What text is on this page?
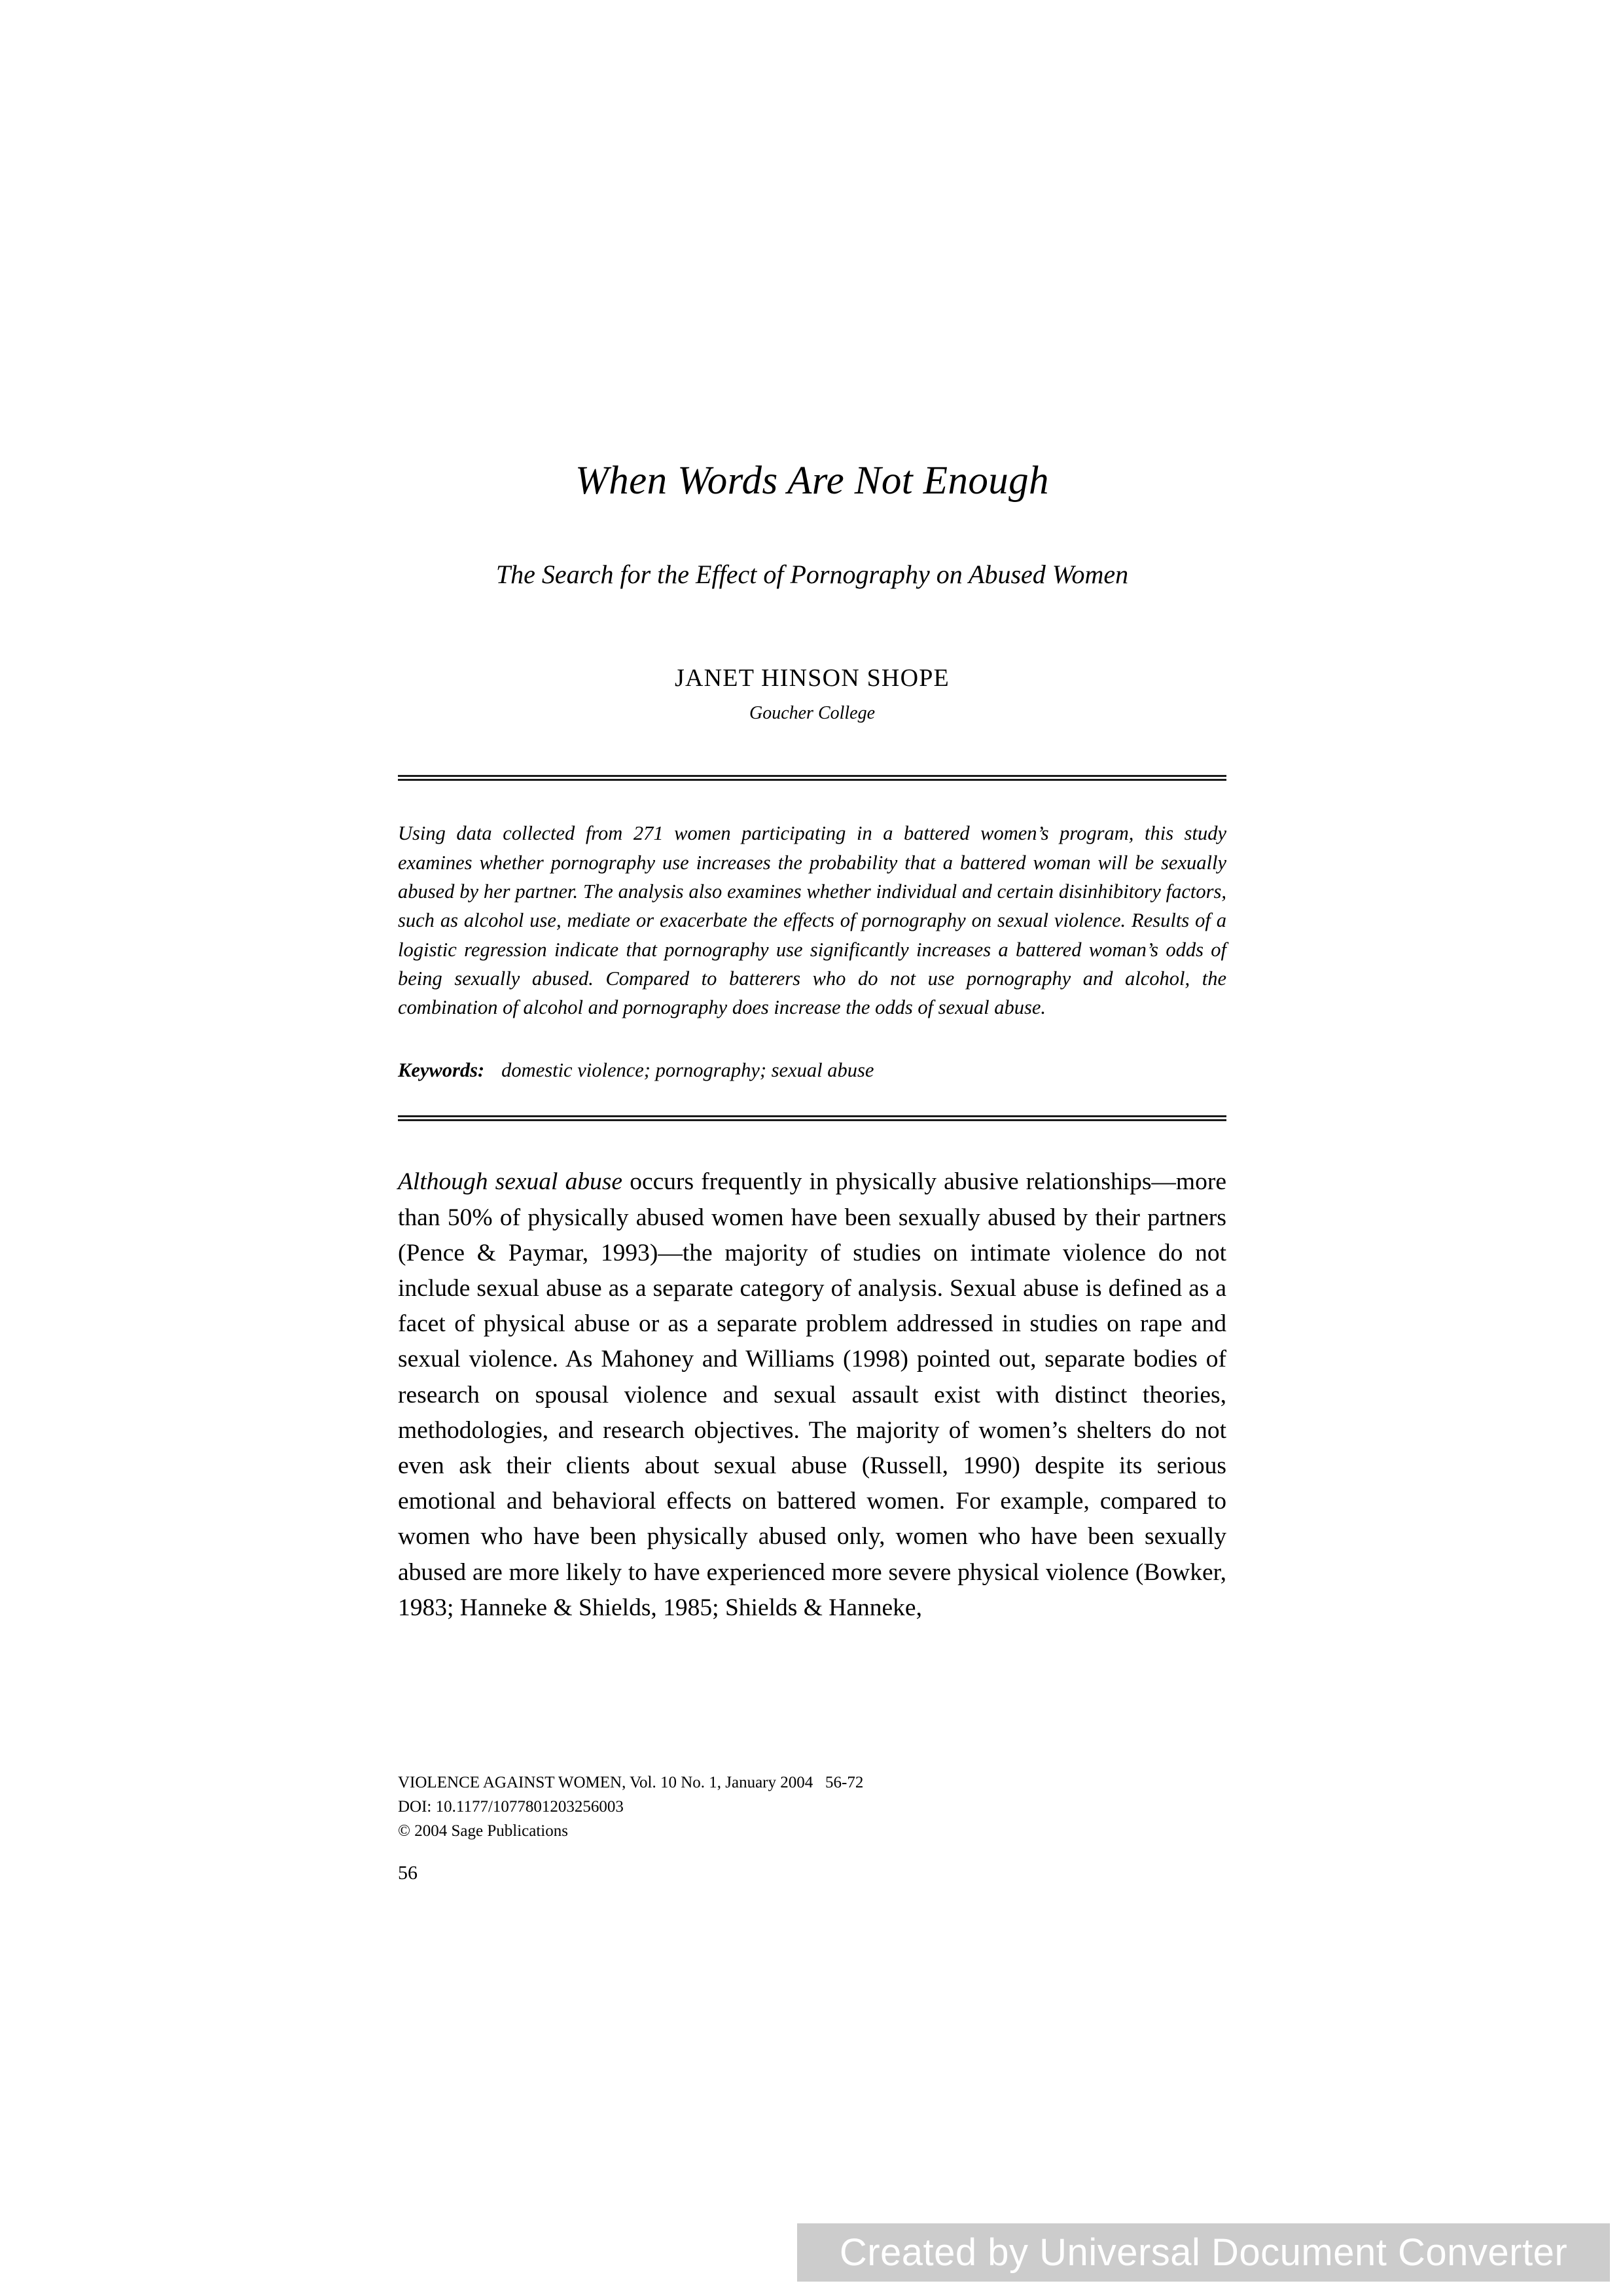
When Words Are Not Enough
The Search for the Effect of Pornography on Abused Women

JANET HINSON SHOPE

Goucher College

Using data collected from 271 women participating in a battered women’s program, this study examines whether pornography use increases the probability that a battered woman will be sexually abused by her partner. The analysis also examines whether individual and certain disinhibitory factors, such as alcohol use, mediate or exacerbate the effects of pornography on sexual violence. Results of a logistic regression indicate that pornography use significantly increases a battered woman’s odds of being sexually abused. Compared to batterers who do not use pornography and alcohol, the combination of alcohol and pornography does increase the odds of sexual abuse.

Keywords: domestic violence; pornography; sexual abuse

Although sexual abuse occurs frequently in physically abusive relationships—more than 50% of physically abused women have been sexually abused by their partners (Pence & Paymar, 1993)—the majority of studies on intimate violence do not include sexual abuse as a separate category of analysis. Sexual abuse is defined as a facet of physical abuse or as a separate problem addressed in studies on rape and sexual violence. As Mahoney and Williams (1998) pointed out, separate bodies of research on spousal violence and sexual assault exist with distinct theories, methodologies, and research objectives. The majority of women’s shelters do not even ask their clients about sexual abuse (Russell, 1990) despite its serious emotional and behavioral effects on battered women. For example, compared to women who have been physically abused only, women who have been sexually abused are more likely to have experienced more severe physical violence (Bowker, 1983; Hanneke & Shields, 1985; Shields & Hanneke,

VIOLENCE AGAINST WOMEN, Vol. 10 No. 1, January 2004   56-72

DOI: 10.1177/1077801203256003

© 2004 Sage Publications

56

Created by Universal Document Converter
